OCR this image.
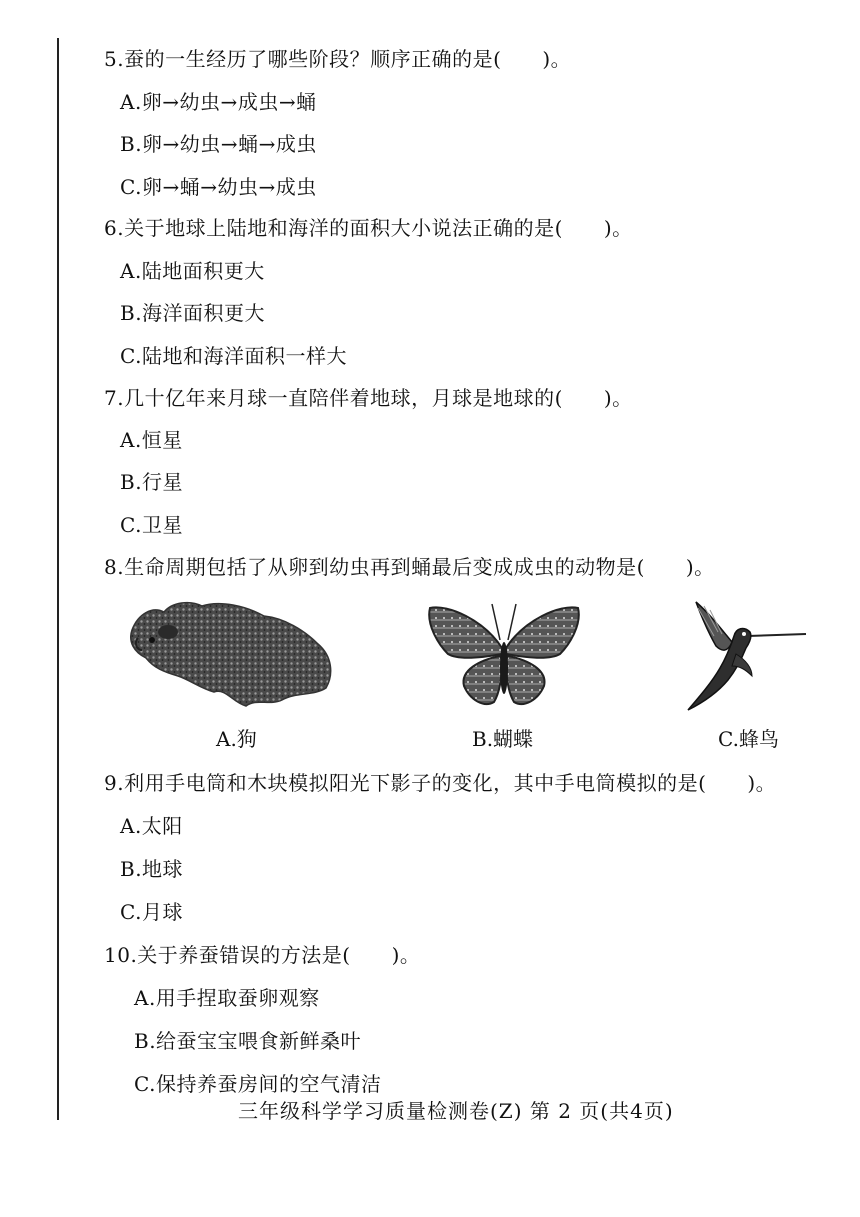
5.蚕的一生经历了哪些阶段？顺序正确的是(　　)。
A.卵→幼虫→成虫→蛹
B.卵→幼虫→蛹→成虫
C.卵→蛹→幼虫→成虫
6.关于地球上陆地和海洋的面积大小说法正确的是(　　)。
A.陆地面积更大
B.海洋面积更大
C.陆地和海洋面积一样大
7.几十亿年来月球一直陪伴着地球，月球是地球的(　　)。
A.恒星
B.行星
C.卫星
8.生命周期包括了从卵到幼虫再到蛹最后变成成虫的动物是(　　)。
A.狗	B.蝴蝶	C.蜂鸟
9.利用手电筒和木块模拟阳光下影子的变化，其中手电筒模拟的是(　　)。
A.太阳
B.地球
C.月球
10.关于养蚕错误的方法是(　　)。
A.用手捏取蚕卵观察
B.给蚕宝宝喂食新鲜桑叶
C.保持养蚕房间的空气清洁
三年级科学学习质量检测卷(Z) 第 2 页(共4页)
